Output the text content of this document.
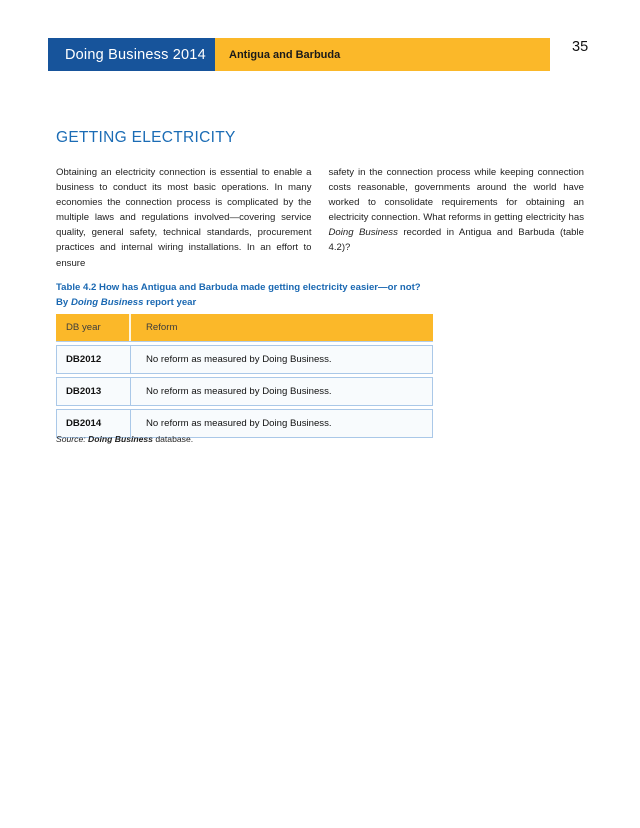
Doing Business 2014 Antigua and Barbuda	35
GETTING ELECTRICITY

Obtaining an electricity connection is essential to enable a business to conduct its most basic operations. In many economies the connection process is complicated by the multiple laws and regulations involved—covering service quality, general safety, technical standards, procurement practices and internal wiring installations. In an effort to ensure

safety in the connection process while keeping connection costs reasonable, governments around the world have worked to consolidate requirements for obtaining an electricity connection. What reforms in getting electricity has Doing Business recorded in Antigua and Barbuda (table 4.2)?

Table 4.2 How has Antigua and Barbuda made getting electricity easier—or not?
By Doing Business report year
DB year	Reform
DB2012	No reform as measured by Doing Business.
DB2013	No reform as measured by Doing Business.
DB2014	No reform as measured by Doing Business.
Source: Doing Business database.
